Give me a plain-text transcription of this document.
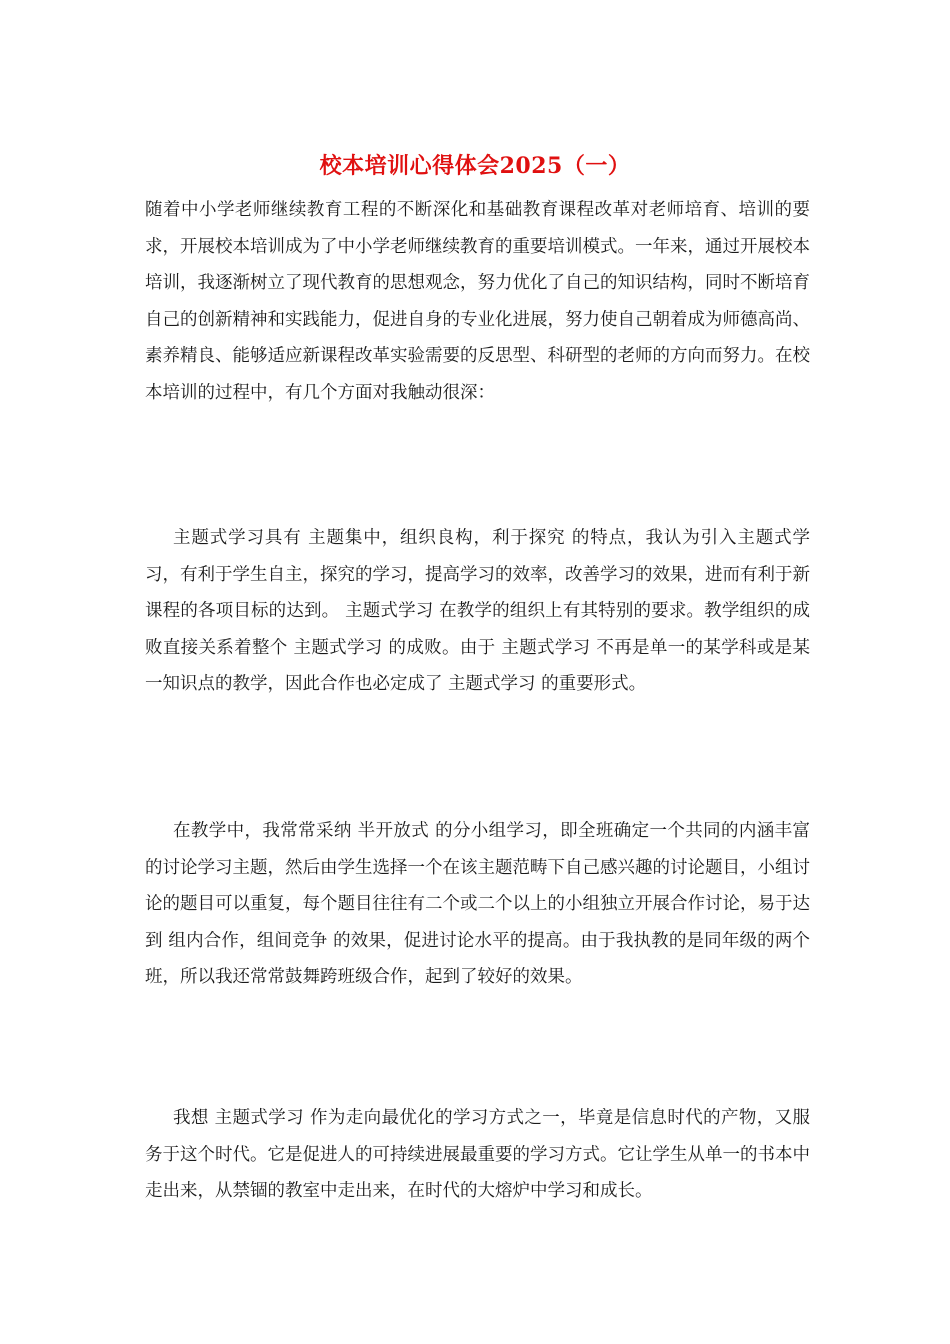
校本培训心得体会2025（一）

随着中小学老师继续教育工程的不断深化和基础教育课程改革对老师培育、培训的要求，开展校本培训成为了中小学老师继续教育的重要培训模式。一年来，通过开展校本培训，我逐渐树立了现代教育的思想观念，努力优化了自己的知识结构，同时不断培育自己的创新精神和实践能力，促进自身的专业化进展，努力使自己朝着成为师德高尚、素养精良、能够适应新课程改革实验需要的反思型、科研型的老师的方向而努力。在校本培训的过程中，有几个方面对我触动很深：

主题式学习具有 主题集中，组织良构，利于探究 的特点，我认为引入主题式学习，有利于学生自主，探究的学习，提高学习的效率，改善学习的效果，进而有利于新课程的各项目标的达到。 主题式学习 在教学的组织上有其特别的要求。教学组织的成败直接关系着整个 主题式学习 的成败。由于 主题式学习 不再是单一的某学科或是某一知识点的教学，因此合作也必定成了 主题式学习 的重要形式。

在教学中，我常常采纳 半开放式 的分小组学习，即全班确定一个共同的内涵丰富的讨论学习主题，然后由学生选择一个在该主题范畴下自己感兴趣的讨论题目，小组讨论的题目可以重复，每个题目往往有二个或二个以上的小组独立开展合作讨论，易于达到 组内合作，组间竞争 的效果，促进讨论水平的提高。由于我执教的是同年级的两个班，所以我还常常鼓舞跨班级合作，起到了较好的效果。

我想 主题式学习 作为走向最优化的学习方式之一，毕竟是信息时代的产物，又服务于这个时代。它是促进人的可持续进展最重要的学习方式。它让学生从单一的书本中走出来，从禁锢的教室中走出来，在时代的大熔炉中学习和成长。
